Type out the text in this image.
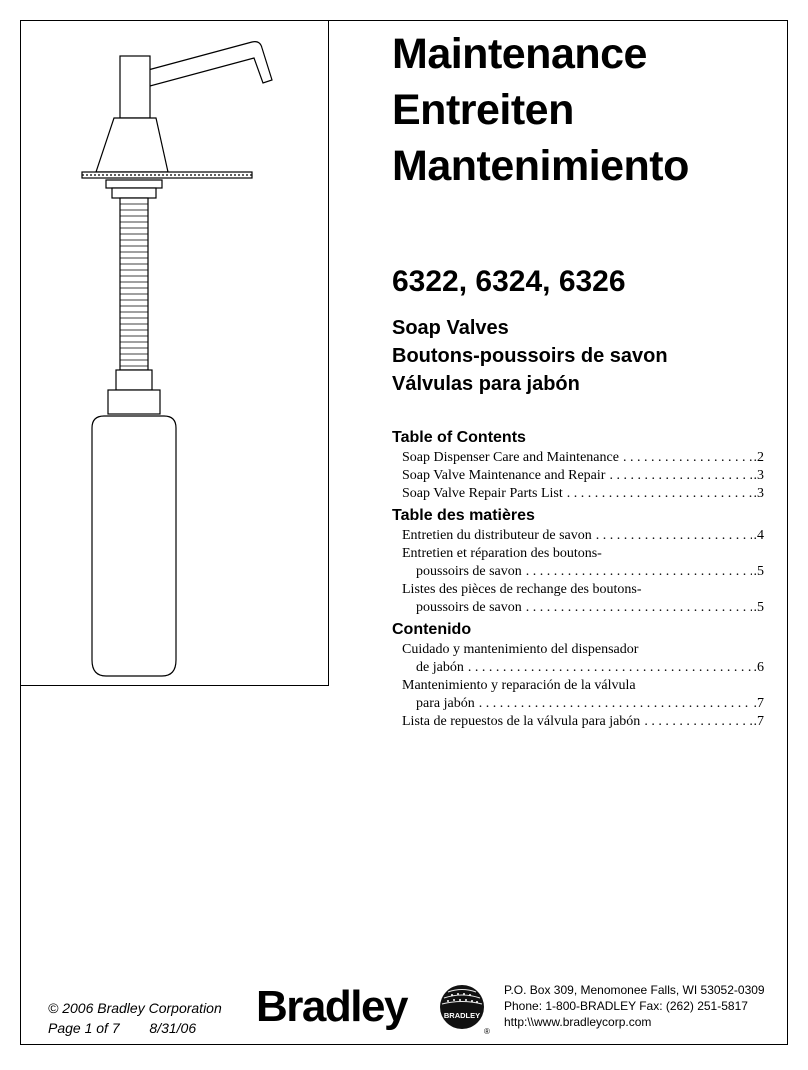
Maintenance
Entreiten
Mantenimiento
6322, 6324, 6326
Soap Valves
Boutons-poussoirs de savon
Válvulas para jabón
Table of Contents
Soap Dispenser Care and Maintenance . . .	.2
Soap Valve Maintenance and Repair . . .	.3
Soap Valve Repair Parts List . . .	.3
Table des matières
Entretien du distributeur de savon . . .	.4
Entretien et réparation des boutons-
poussoirs de savon . . .	.5
Listes des pièces de rechange des boutons-
poussoirs de savon . . .	.5
Contenido
Cuidado y mantenimiento del dispensador
de jabón . . .	.6
Mantenimiento y reparación de la válvula
para jabón . . .	.7
Lista de repuestos de la válvula para jabón . . .	.7
© 2006 Bradley Corporation
Page 1 of 7 8/31/06	Bradley	BRADLEY
®
P.O. Box 309, Menomonee Falls, WI 53052-0309
Phone: 1-800-BRADLEY Fax: (262) 251-5817
http:\\www.bradleycorp.com
